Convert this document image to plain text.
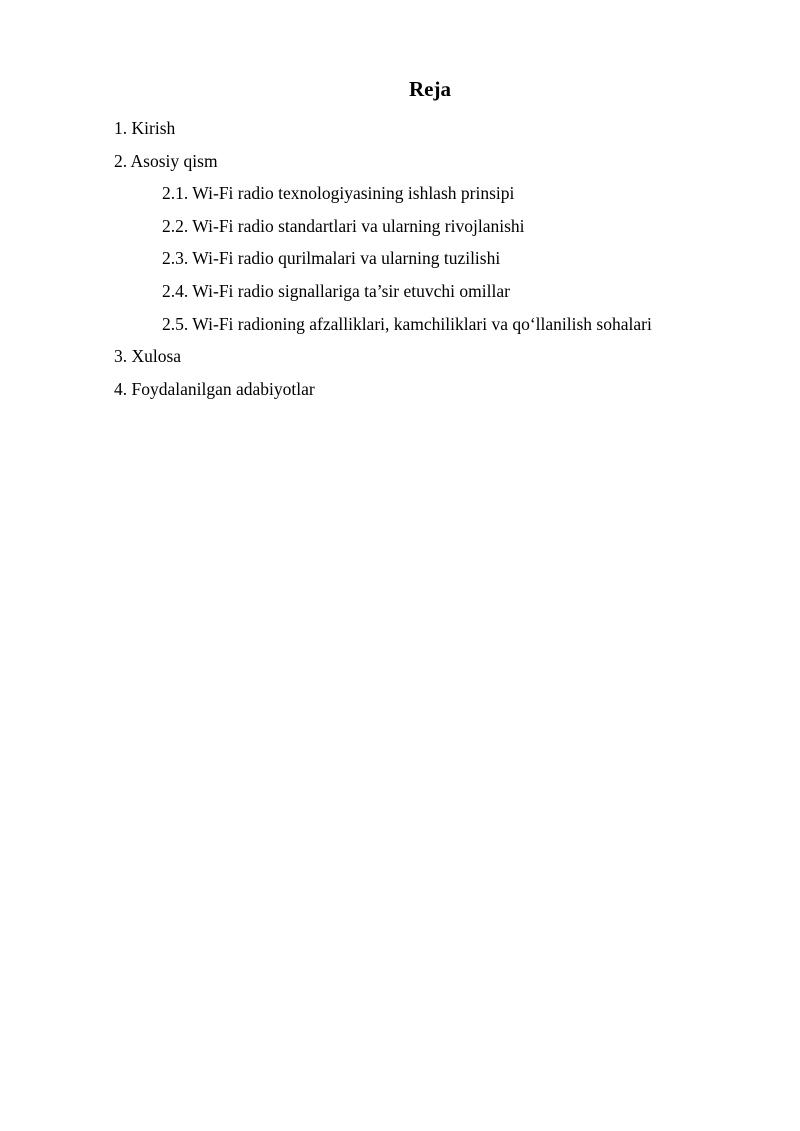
Reja
1. Kirish
2. Asosiy qism
2.1. Wi-Fi radio texnologiyasining ishlash prinsipi
2.2. Wi-Fi radio standartlari va ularning rivojlanishi
2.3. Wi-Fi radio qurilmalari va ularning tuzilishi
2.4. Wi-Fi radio signallariga ta’sir etuvchi omillar
2.5. Wi-Fi radioning afzalliklari, kamchiliklari va qo‘llanilish sohalari
3. Xulosa
4. Foydalanilgan adabiyotlar
